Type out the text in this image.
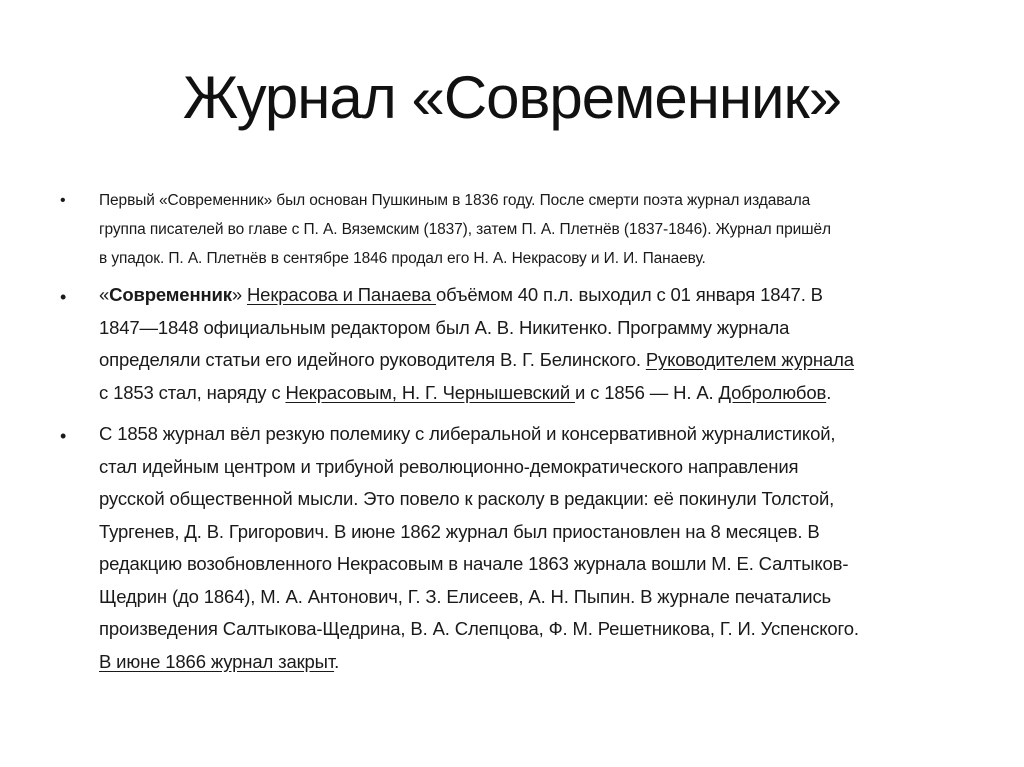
Журнал «Современник»
• Первый «Современник» был основан Пушкиным в 1836 году. После смерти поэта журнал издавала
группа писателей во главе с П. А. Вяземским (1837), затем П. А. Плетнёв (1837-1846). Журнал пришёл
в упадок. П. А. Плетнёв в сентябре 1846 продал его Н. А. Некрасову и И. И. Панаеву.
• «Современник» Некрасова и Панаева объёмом 40 п.л. выходил с 01 января 1847. В
1847—1848 официальным редактором был А. В. Никитенко. Программу журнала
определяли статьи его идейного руководителя В. Г. Белинского. Руководителем журнала
с 1853 стал, наряду с Некрасовым, Н. Г. Чернышевский и с 1856 — Н. А. Добролюбов.
• С 1858 журнал вёл резкую полемику с либеральной и консервативной журналистикой,
стал идейным центром и трибуной революционно-демократического направления
русской общественной мысли. Это повело к расколу в редакции: её покинули Толстой,
Тургенев, Д. В. Григорович. В июне 1862 журнал был приостановлен на 8 месяцев. В
редакцию возобновленного Некрасовым в начале 1863 журнала вошли М. Е. Салтыков-
Щедрин (до 1864), М. А. Антонович, Г. З. Елисеев, А. Н. Пыпин. В журнале печатались
произведения Салтыкова-Щедрина, В. А. Слепцова, Ф. М. Решетникова, Г. И. Успенского.
В июне 1866 журнал закрыт.
